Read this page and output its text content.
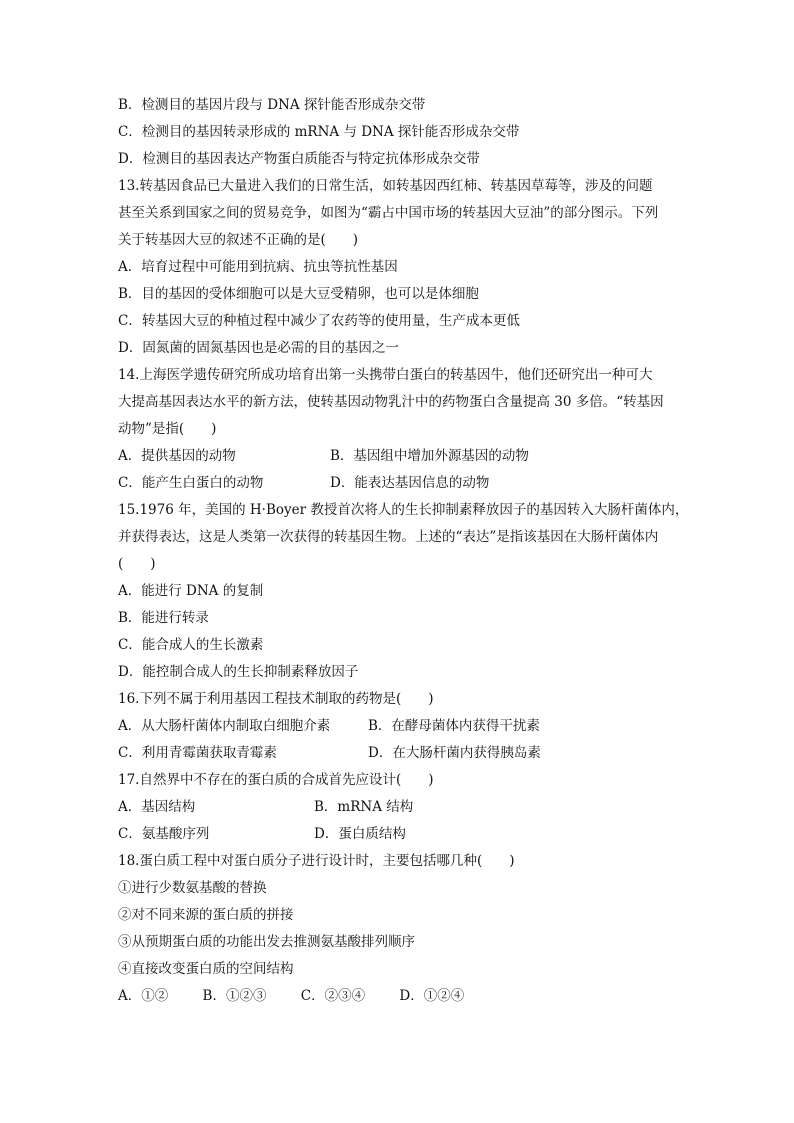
B．检测目的基因片段与 DNA 探针能否形成杂交带
C．检测目的基因转录形成的 mRNA 与 DNA 探针能否形成杂交带
D．检测目的基因表达产物蛋白质能否与特定抗体形成杂交带
13.转基因食品已大量进入我们的日常生活，如转基因西红柿、转基因草莓等，涉及的问题
甚至关系到国家之间的贸易竞争，如图为“霸占中国市场的转基因大豆油”的部分图示。下列
关于转基因大豆的叙述不正确的是(　　)
A．培育过程中可能用到抗病、抗虫等抗性基因
B．目的基因的受体细胞可以是大豆受精卵，也可以是体细胞
C．转基因大豆的种植过程中减少了农药等的使用量，生产成本更低
D．固氮菌的固氮基因也是必需的目的基因之一
14.上海医学遗传研究所成功培育出第一头携带白蛋白的转基因牛，他们还研究出一种可大
大提高基因表达水平的新方法，使转基因动物乳汁中的药物蛋白含量提高 30 多倍。“转基因
动物”是指(　　)
A．提供基因的动物	B．基因组中增加外源基因的动物
C．能产生白蛋白的动物	D．能表达基因信息的动物
15.1976 年，美国的 H·Boyer 教授首次将人的生长抑制素释放因子的基因转入大肠杆菌体内，
并获得表达，这是人类第一次获得的转基因生物。上述的“表达”是指该基因在大肠杆菌体内
(　　)
A．能进行 DNA 的复制
B．能进行转录
C．能合成人的生长激素
D．能控制合成人的生长抑制素释放因子
16.下列不属于利用基因工程技术制取的药物是(　　)
A．从大肠杆菌体内制取白细胞介素	B．在酵母菌体内获得干扰素
C．利用青霉菌获取青霉素	D．在大肠杆菌内获得胰岛素
17.自然界中不存在的蛋白质的合成首先应设计(　　)
A．基因结构	B．mRNA 结构
C．氨基酸序列	D．蛋白质结构
18.蛋白质工程中对蛋白质分子进行设计时，主要包括哪几种(　　)
①进行少数氨基酸的替换
②对不同来源的蛋白质的拼接
③从预期蛋白质的功能出发去推测氨基酸排列顺序
④直接改变蛋白质的空间结构
A．①②	B．①②③	C．②③④	D．①②④
